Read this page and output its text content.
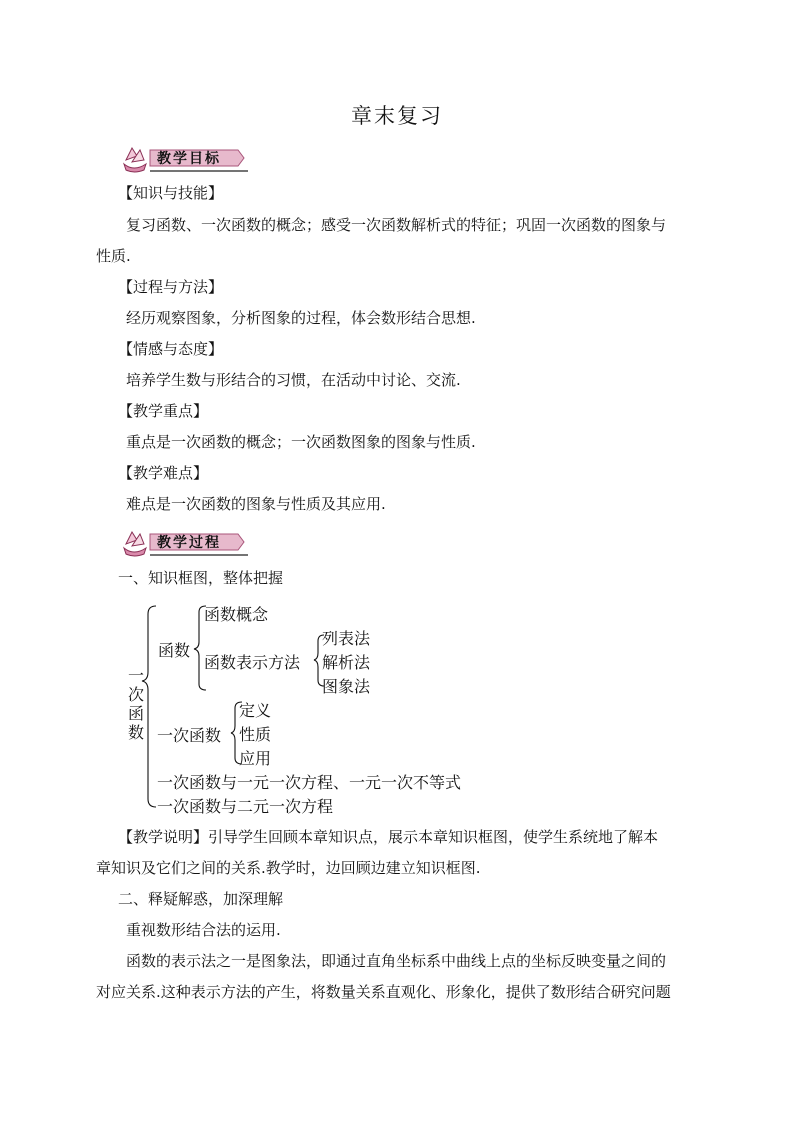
章末复习
教学目标
【知识与技能】
复习函数、一次函数的概念；感受一次函数解析式的特征；巩固一次函数的图象与
性质.
【过程与方法】
经历观察图象，分析图象的过程，体会数形结合思想.
【情感与态度】
培养学生数与形结合的习惯，在活动中讨论、交流.
【教学重点】
重点是一次函数的概念；一次函数图象的图象与性质.
【教学难点】
难点是一次函数的图象与性质及其应用.
教学过程
一、知识框图，整体把握
一
次
函
数
函数
函数概念
函数表示方法
列表法
解析法
图象法
一次函数
定义
性质
应用
一次函数与一元一次方程、一元一次不等式
一次函数与二元一次方程
【教学说明】引导学生回顾本章知识点，展示本章知识框图，使学生系统地了解本
章知识及它们之间的关系.教学时，边回顾边建立知识框图.
二、释疑解惑，加深理解
重视数形结合法的运用.
函数的表示法之一是图象法，即通过直角坐标系中曲线上点的坐标反映变量之间的
对应关系.这种表示方法的产生，将数量关系直观化、形象化，提供了数形结合研究问题
